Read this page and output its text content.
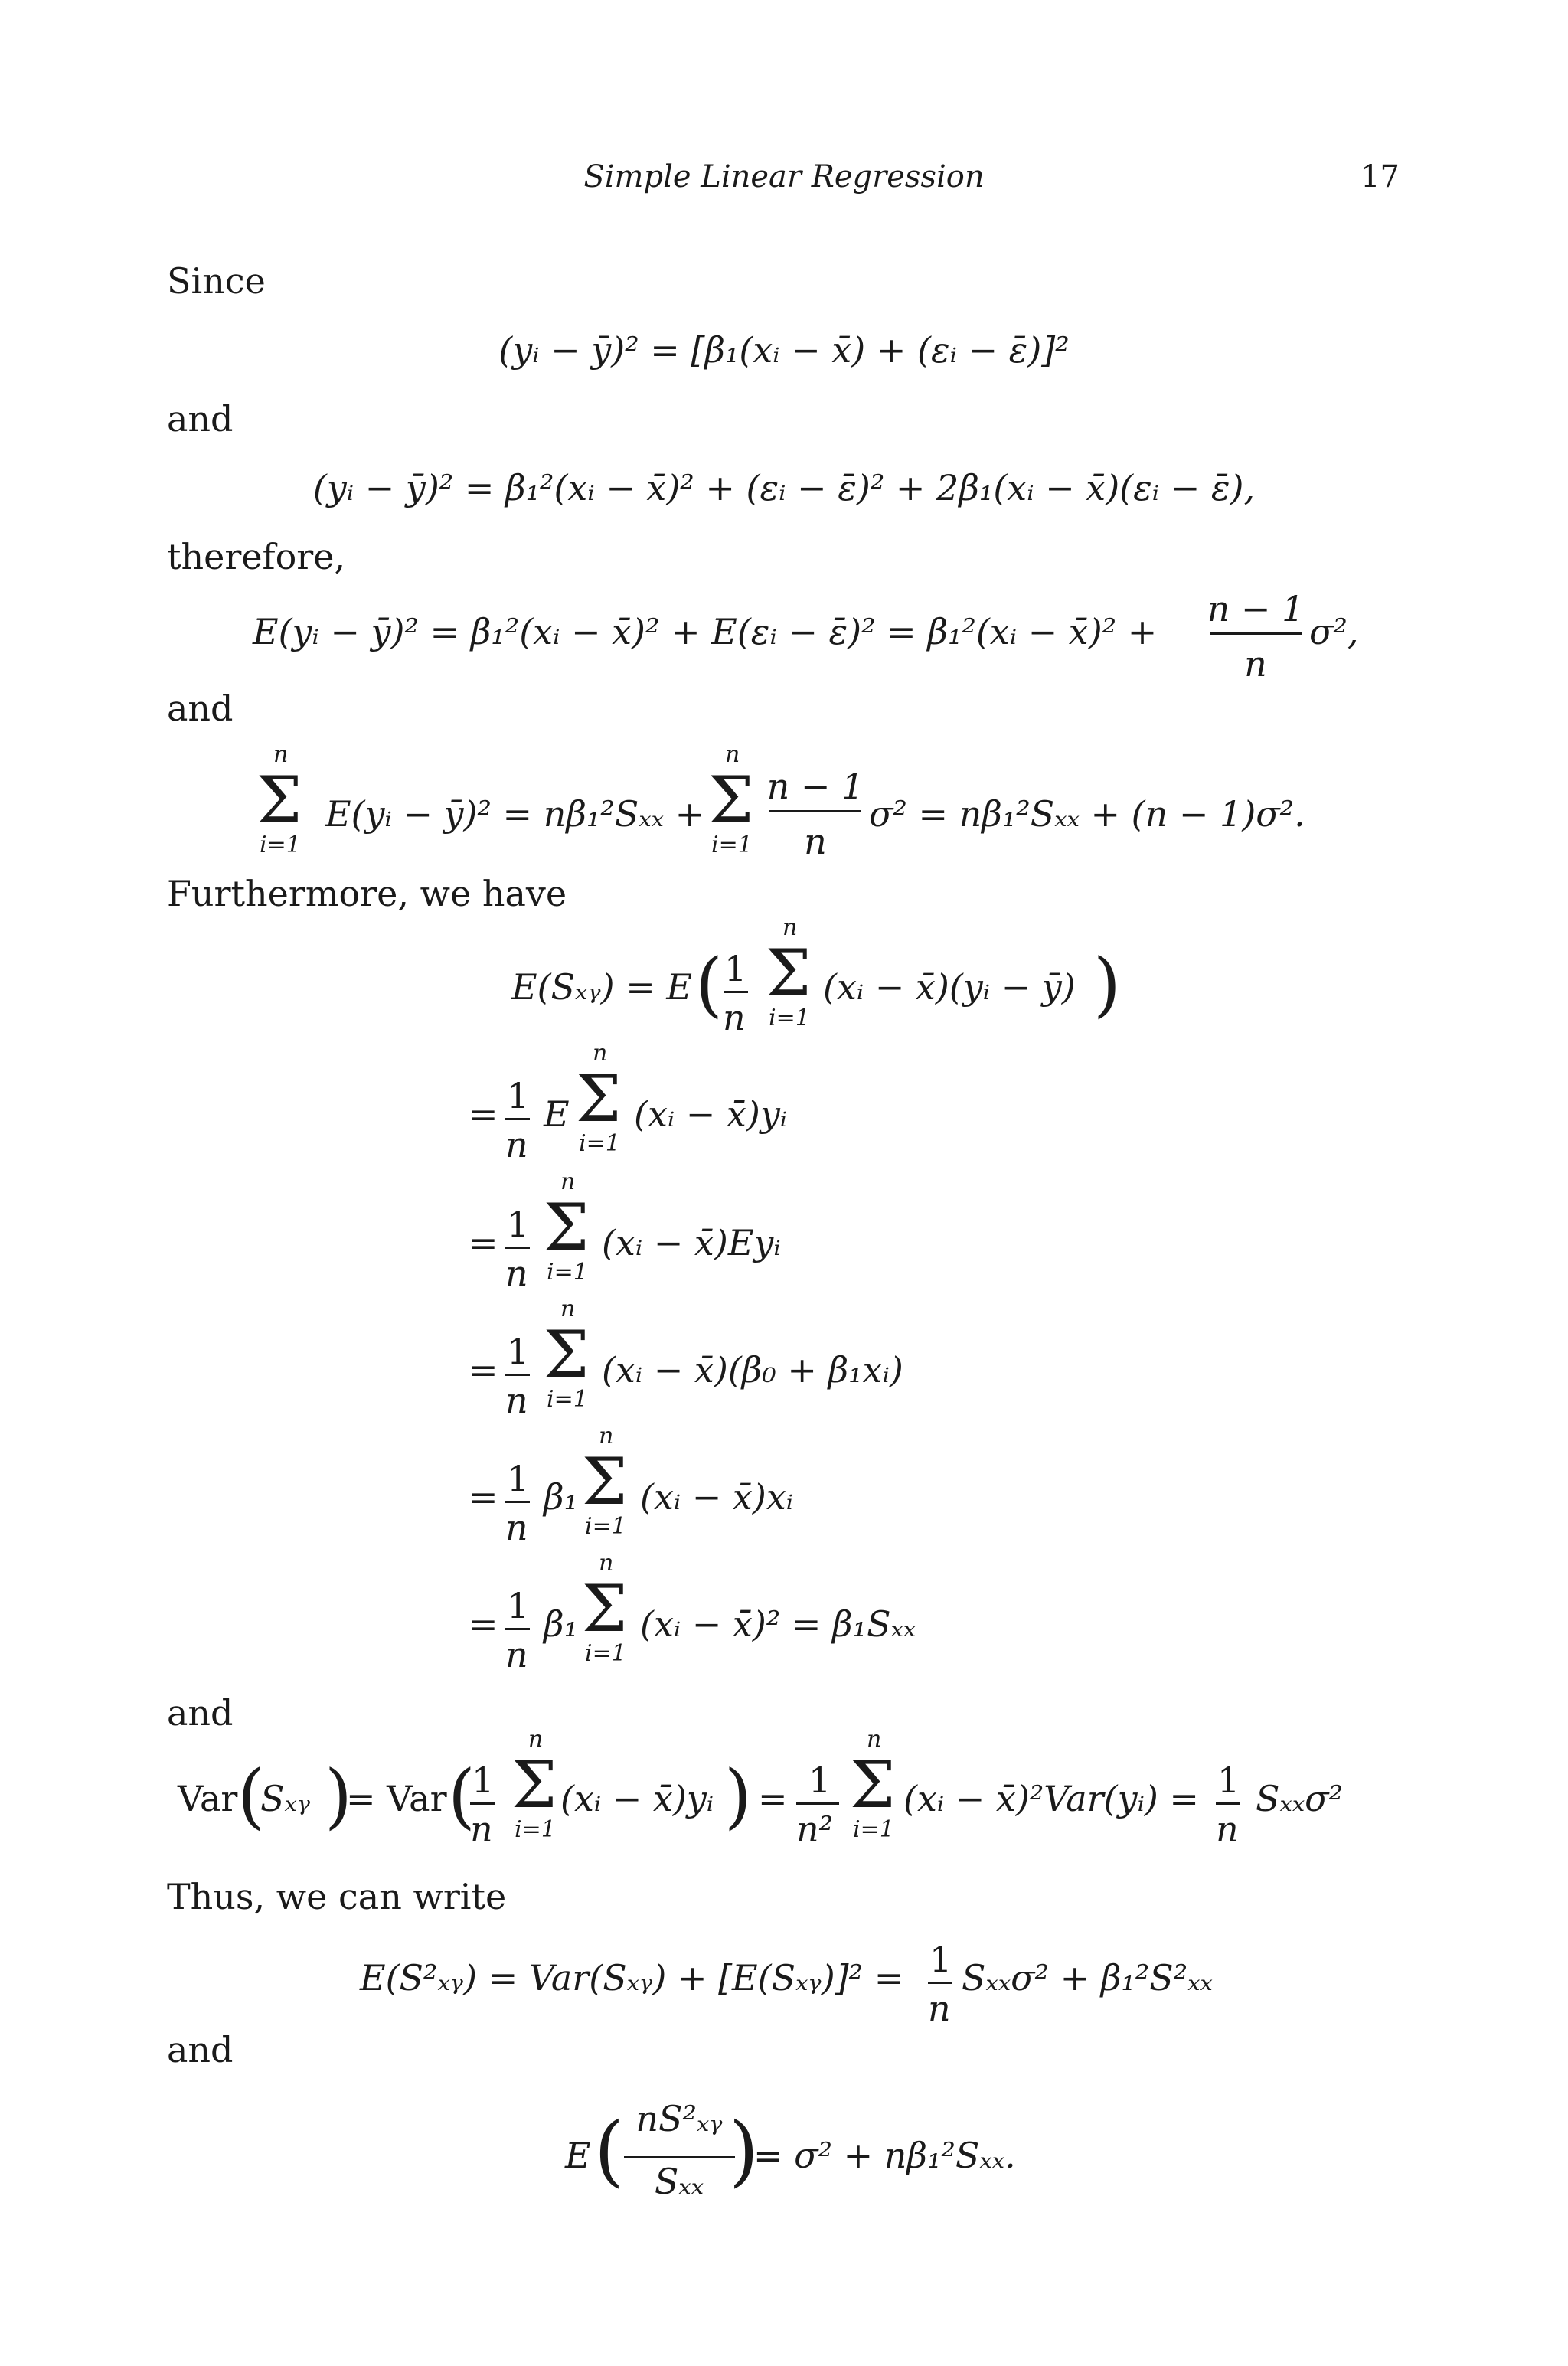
Simple Linear Regression	17
Since
and
therefore,
and
Furthermore, we have
and
Thus, we can write
and
(yᵢ − ȳ)² = [β₁(xᵢ − x̄) + (εᵢ − ε̄)]²
(yᵢ − ȳ)² = β₁²(xᵢ − x̄)² + (εᵢ − ε̄)² + 2β₁(xᵢ − x̄)(εᵢ − ε̄),
E(yᵢ − ȳ)² = β₁²(xᵢ − x̄)² + E(εᵢ − ε̄)² = β₁²(xᵢ − x̄)² +
n − 1
n
σ²,
E(yᵢ − ȳ)² = nβ₁²Sₓₓ +
n − 1
n
σ² = nβ₁²Sₓₓ + (n − 1)σ².
E(Sₓᵧ) = E	(xᵢ − x̄)(yᵢ − ȳ)
= E (xᵢ − x̄)yᵢ
=	(xᵢ − x̄)Eyᵢ
=	(xᵢ − x̄)(β₀ + β₁xᵢ)
= β₁ (xᵢ − x̄)xᵢ
= β₁ (xᵢ − x̄)² = β₁Sₓₓ
Var Sₓᵧ = Var	(xᵢ − x̄)yᵢ =	(xᵢ − x̄)²Var(yᵢ) = Sₓₓσ²
E(S²ₓᵧ) = Var(Sₓᵧ) + [E(Sₓᵧ)]² = Sₓₓσ² + β₁²S²ₓₓ
E
nS²ₓᵧ
Sₓₓ
= σ² + nβ₁²Sₓₓ.
1
n
1
n
1
n
1
n
1
n
1
n
1
n
1
n²
1
n
1
n
(	)
( ) (	)
( )
n
Σ
i=1
n
Σ
i=1
n
Σ
i=1
n
Σ
i=1
n
Σ
i=1
n
Σ
i=1
n
Σ
i=1
n
Σ
i=1
n
Σ
i=1
n
Σ
i=1
